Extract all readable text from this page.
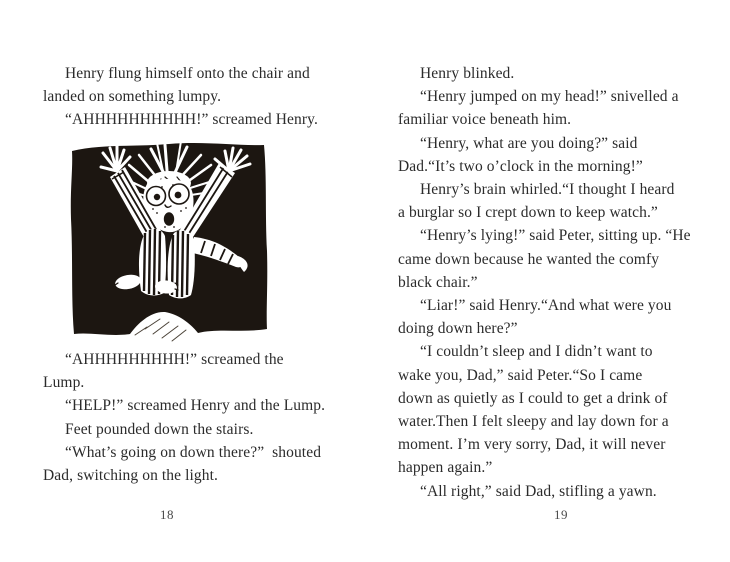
Henry flung himself onto the chair and
landed on something lumpy.
“AHHHHHHHHHH!” screamed Henry.
“AHHHHHHHHH!” screamed the
Lump.
“HELP!” screamed Henry and the Lump.
Feet pounded down the stairs.
“What’s going on down there?”  shouted
Dad, switching on the light.
18
Henry blinked.
“Henry jumped on my head!” snivelled a
familiar voice beneath him.
“Henry, what are you doing?” said
Dad.“It’s two o’clock in the morning!”
Henry’s brain whirled.“I thought I heard
a burglar so I crept down to keep watch.”
“Henry’s lying!” said Peter, sitting up. “He
came down because he wanted the comfy
black chair.”
“Liar!” said Henry.“And what were you
doing down here?”
“I couldn’t sleep and I didn’t want to
wake you, Dad,” said Peter.“So I came
down as quietly as I could to get a drink of
water.Then I felt sleepy and lay down for a
moment. I’m very sorry, Dad, it will never
happen again.”
“All right,” said Dad, stifling a yawn.
19
